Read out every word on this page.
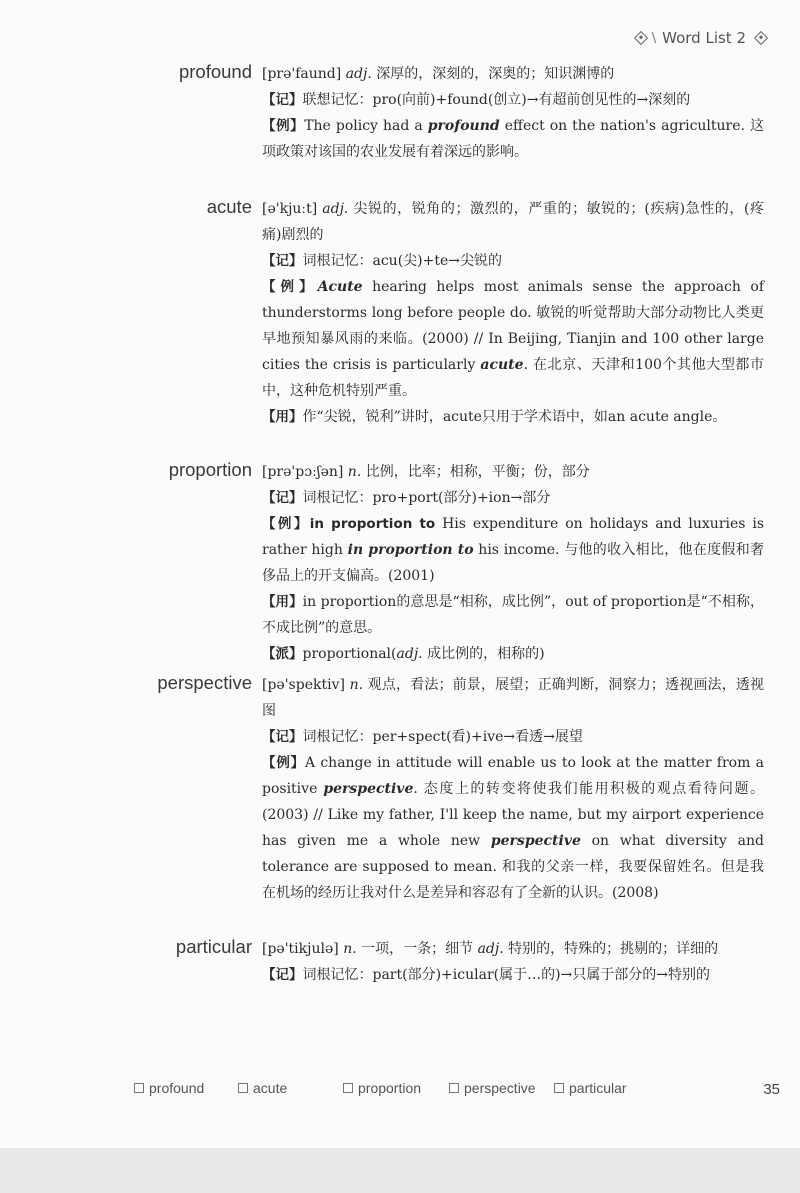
\ Word List 2
profound [prə'faund] adj. 深厚的，深刻的，深奥的；知识渊博的

【记】联想记忆：pro(向前)+found(创立)→有超前创见性的→深刻的

【例】The policy had a profound effect on the nation's agriculture. 这项政策对该国的农业发展有着深远的影响。

acute [ə'kjuːt] adj. 尖锐的，锐角的；激烈的，严重的；敏锐的；(疾病)急性的，(疼痛)剧烈的

【记】词根记忆：acu(尖)+te→尖锐的

【例】Acute hearing helps most animals sense the approach of thunderstorms long before people do. 敏锐的听觉帮助大部分动物比人类更早地预知暴风雨的来临。(2000) // In Beijing, Tianjin and 100 other large cities the crisis is particularly acute. 在北京、天津和100个其他大型都市中，这种危机特别严重。

【用】作“尖锐，锐利”讲时，acute只用于学术语中，如an acute angle。

proportion [prə'pɔːʃən] n. 比例，比率；相称，平衡；份，部分

【记】词根记忆：pro+port(部分)+ion→部分

【例】in proportion to His expenditure on holidays and luxuries is rather high in proportion to his income. 与他的收入相比，他在度假和奢侈品上的开支偏高。(2001)

【用】in proportion的意思是“相称，成比例”，out of proportion是“不相称，不成比例”的意思。

【派】proportional(adj. 成比例的，相称的)

perspective [pə'spektiv] n. 观点，看法；前景，展望；正确判断，洞察力；透视画法，透视图

【记】词根记忆：per+spect(看)+ive→看透→展望

【例】A change in attitude will enable us to look at the matter from a positive perspective. 态度上的转变将使我们能用积极的观点看待问题。(2003) // Like my father, I'll keep the name, but my airport experience has given me a whole new perspective on what diversity and tolerance are supposed to mean. 和我的父亲一样，我要保留姓名。但是我在机场的经历让我对什么是差异和容忍有了全新的认识。(2008)

particular [pə'tikjulə] n. 一项，一条；细节 adj. 特别的，特殊的；挑剔的；详细的

【记】词根记忆：part(部分)+icular(属于…的)→只属于部分的→特别的

profound	acute	proportion	perspective particular	35
